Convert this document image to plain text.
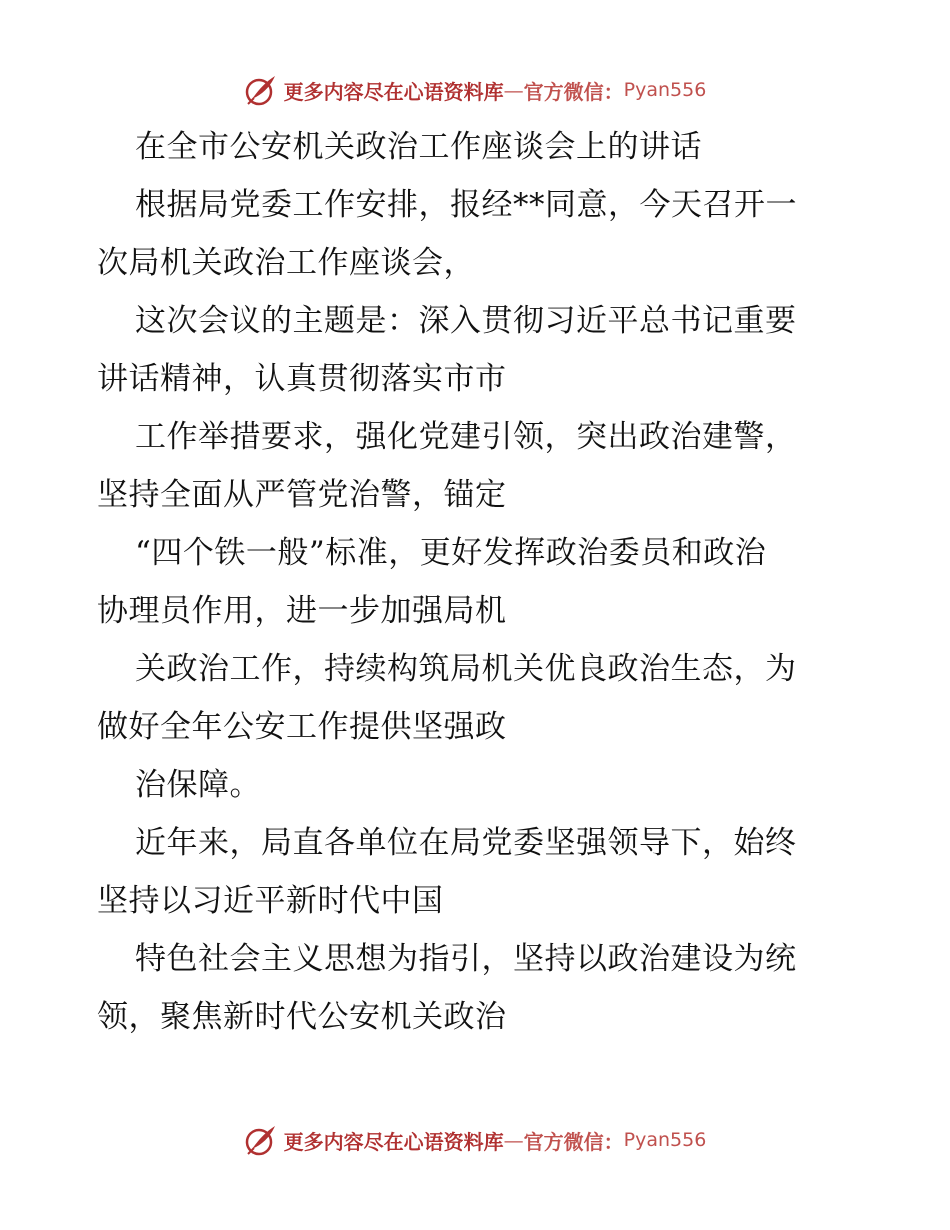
更多内容尽在心语资料库 — 官方微信： Pyan556
在全市公安机关政治工作座谈会上的讲话
根据局党委工作安排，报经**同意，今天召开一
次局机关政治工作座谈会，
这次会议的主题是：深入贯彻习近平总书记重要
讲话精神，认真贯彻落实市市
工作举措要求，强化党建引领，突出政治建警，
坚持全面从严管党治警，锚定
“四个铁一般”标准，更好发挥政治委员和政治
协理员作用，进一步加强局机
关政治工作，持续构筑局机关优良政治生态，为
做好全年公安工作提供坚强政
治保障。
近年来，局直各单位在局党委坚强领导下，始终
坚持以习近平新时代中国
特色社会主义思想为指引，坚持以政治建设为统
领，聚焦新时代公安机关政治
更多内容尽在心语资料库 — 官方微信： Pyan556
